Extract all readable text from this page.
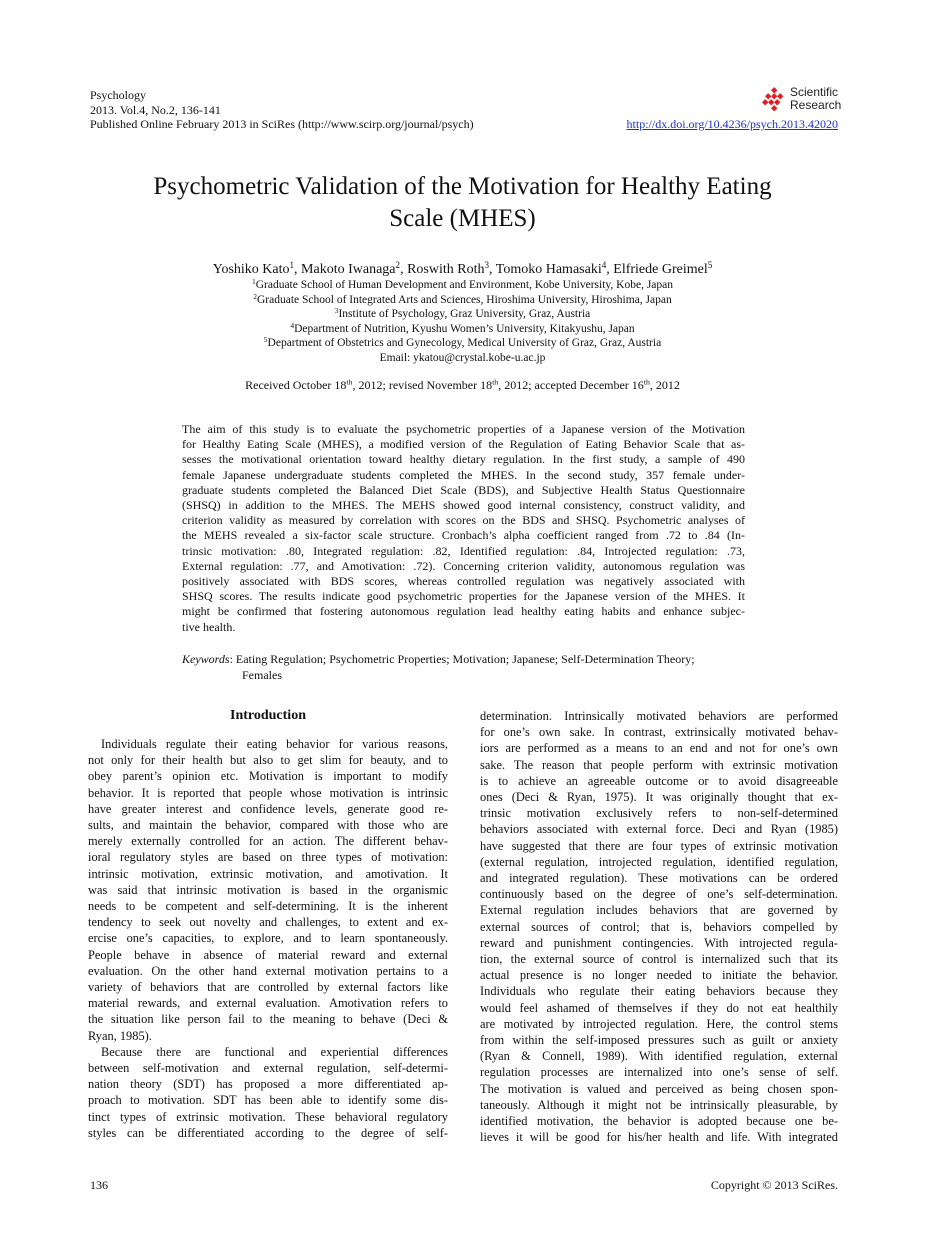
Psychology
2013. Vol.4, No.2, 136-141
Published Online February 2013 in SciRes (http://www.scirp.org/journal/psych)
Scientific
Research
http://dx.doi.org/10.4236/psych.2013.42020
Psychometric Validation of the Motivation for Healthy Eating
Scale (MHES)
Yoshiko Kato$^1$, Makoto Iwanaga$^2$, Roswith Roth$^3$, Tomoko Hamasaki$^4$, Elfriede Greimel$^5$
$^1$Graduate School of Human Development and Environment, Kobe University, Kobe, Japan
$^2$Graduate School of Integrated Arts and Sciences, Hiroshima University, Hiroshima, Japan
$^3$Institute of Psychology, Graz University, Graz, Austria
$^4$Department of Nutrition, Kyushu Women’s University, Kitakyushu, Japan
$^5$Department of Obstetrics and Gynecology, Medical University of Graz, Graz, Austria
Email: ykatou@crystal.kobe-u.ac.jp
Received October 18th, 2012; revised November 18th, 2012; accepted December 16th, 2012
The aim of this study is to evaluate the psychometric properties of a Japanese version of the Motivation
for Healthy Eating Scale (MHES), a modified version of the Regulation of Eating Behavior Scale that as-
sesses the motivational orientation toward healthy dietary regulation. In the first study, a sample of 490
female Japanese undergraduate students completed the MHES. In the second study, 357 female under-
graduate students completed the Balanced Diet Scale (BDS), and Subjective Health Status Questionnaire
(SHSQ) in addition to the MHES. The MEHS showed good internal consistency, construct validity, and
criterion validity as measured by correlation with scores on the BDS and SHSQ. Psychometric analyses of
the MEHS revealed a six-factor scale structure. Cronbach’s alpha coefficient ranged from .72 to .84 (In-
trinsic motivation: .80, Integrated regulation: .82, Identified regulation: .84, Introjected regulation: .73,
External regulation: .77, and Amotivation: .72). Concerning criterion validity, autonomous regulation was
positively associated with BDS scores, whereas controlled regulation was negatively associated with
SHSQ scores. The results indicate good psychometric properties for the Japanese version of the MHES. It
might be confirmed that fostering autonomous regulation lead healthy eating habits and enhance subjec-
tive health.
Keywords: Eating Regulation; Psychometric Properties; Motivation; Japanese; Self-Determination Theory;
Females
Introduction
Individuals regulate their eating behavior for various reasons,
not only for their health but also to get slim for beauty, and to
obey parent’s opinion etc. Motivation is important to modify
behavior. It is reported that people whose motivation is intrinsic
have greater interest and confidence levels, generate good re-
sults, and maintain the behavior, compared with those who are
merely externally controlled for an action. The different behav-
ioral regulatory styles are based on three types of motivation:
intrinsic motivation, extrinsic motivation, and amotivation. It
was said that intrinsic motivation is based in the organismic
needs to be competent and self-determining. It is the inherent
tendency to seek out novelty and challenges, to extent and ex-
ercise one’s capacities, to explore, and to learn spontaneously.
People behave in absence of material reward and external
evaluation. On the other hand external motivation pertains to a
variety of behaviors that are controlled by external factors like
material rewards, and external evaluation. Amotivation refers to
the situation like person fail to the meaning to behave (Deci &
Ryan, 1985).
Because there are functional and experiential differences
between self-motivation and external regulation, self-determi-
nation theory (SDT) has proposed a more differentiated ap-
proach to motivation. SDT has been able to identify some dis-
tinct types of extrinsic motivation. These behavioral regulatory
styles can be differentiated according to the degree of self-
determination. Intrinsically motivated behaviors are performed
for one’s own sake. In contrast, extrinsically motivated behav-
iors are performed as a means to an end and not for one’s own
sake. The reason that people perform with extrinsic motivation
is to achieve an agreeable outcome or to avoid disagreeable
ones (Deci & Ryan, 1975). It was originally thought that ex-
trinsic motivation exclusively refers to non-self-determined
behaviors associated with external force. Deci and Ryan (1985)
have suggested that there are four types of extrinsic motivation
(external regulation, introjected regulation, identified regulation,
and integrated regulation). These motivations can be ordered
continuously based on the degree of one’s self-determination.
External regulation includes behaviors that are governed by
external sources of control; that is, behaviors compelled by
reward and punishment contingencies. With introjected regula-
tion, the external source of control is internalized such that its
actual presence is no longer needed to initiate the behavior.
Individuals who regulate their eating behaviors because they
would feel ashamed of themselves if they do not eat healthily
are motivated by introjected regulation. Here, the control stems
from within the self-imposed pressures such as guilt or anxiety
(Ryan & Connell, 1989). With identified regulation, external
regulation processes are internalized into one’s sense of self.
The motivation is valued and perceived as being chosen spon-
taneously. Although it might not be intrinsically pleasurable, by
identified motivation, the behavior is adopted because one be-
lieves it will be good for his/her health and life. With integrated
136	Copyright © 2013 SciRes.
